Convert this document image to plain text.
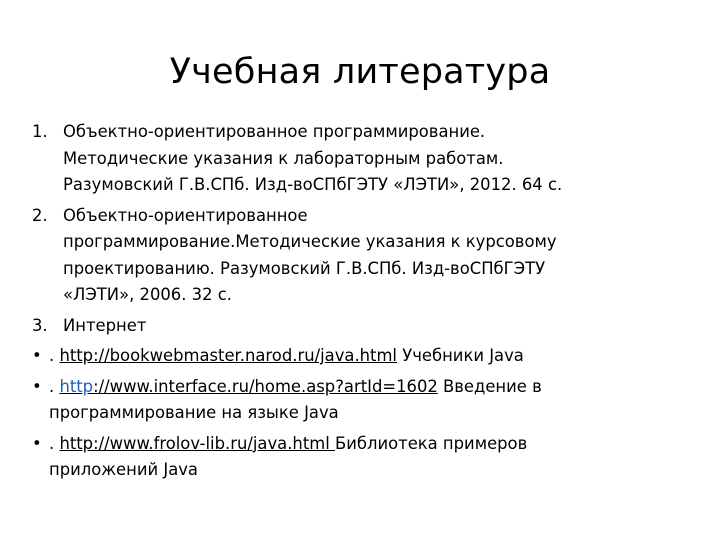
Учебная литература
1. Объектно-ориентированное программирование.
Методические указания к лабораторным работам.
Разумовский Г.В.СПб. Изд-воСПбГЭТУ «ЛЭТИ», 2012. 64 с.
2. Объектно-ориентированное
программирование.Методические указания к курсовому
проектированию. Разумовский Г.В.СПб. Изд-воСПбГЭТУ
«ЛЭТИ», 2006. 32 с.
3. Интернет
• . http://bookwebmaster.narod.ru/java.html Учебники Java
• . http://www.interface.ru/home.asp?artId=1602 Введение в
программирование на языке Java
• . http://www.frolov-lib.ru/java.html Библиотека примеров
приложений Java
